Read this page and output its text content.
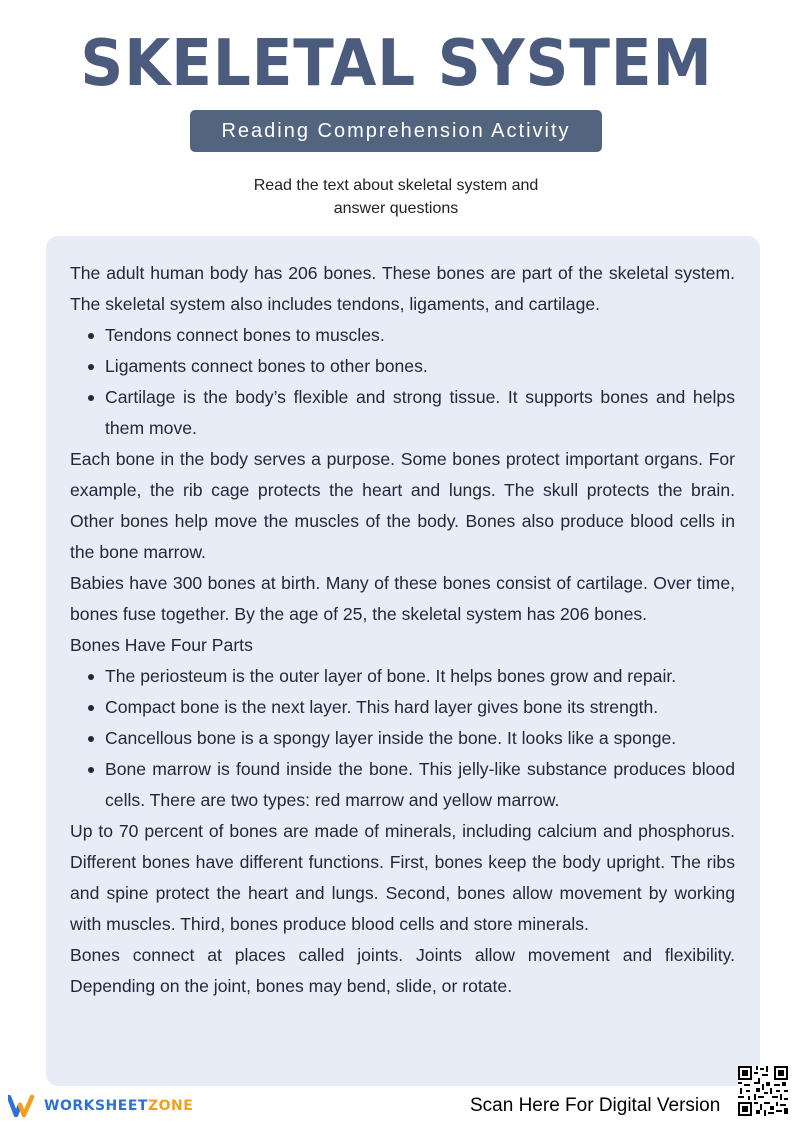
SKELETAL SYSTEM
Reading Comprehension Activity
Read the text about skeletal system and
answer questions

The adult human body has 206 bones. These bones are part of the skeletal system. The skeletal system also includes tendons, ligaments, and cartilage.

Tendons connect bones to muscles.
Ligaments connect bones to other bones.
Cartilage is the body’s flexible and strong tissue. It supports bones and helps them move.

Each bone in the body serves a purpose. Some bones protect important organs. For example, the rib cage protects the heart and lungs. The skull protects the brain. Other bones help move the muscles of the body. Bones also produce blood cells in the bone marrow.

Babies have 300 bones at birth. Many of these bones consist of cartilage. Over time, bones fuse together. By the age of 25, the skeletal system has 206 bones.

Bones Have Four Parts

The periosteum is the outer layer of bone. It helps bones grow and repair.
Compact bone is the next layer. This hard layer gives bone its strength.
Cancellous bone is a spongy layer inside the bone. It looks like a sponge.
Bone marrow is found inside the bone. This jelly-like substance produces blood cells. There are two types: red marrow and yellow marrow.

Up to 70 percent of bones are made of minerals, including calcium and phosphorus. Different bones have different functions. First, bones keep the body upright. The ribs and spine protect the heart and lungs. Second, bones allow movement by working with muscles. Third, bones produce blood cells and store minerals.

Bones connect at places called joints. Joints allow movement and flexibility. Depending on the joint, bones may bend, slide, or rotate.

WORKSHEETZONE	Scan Here For Digital Version
